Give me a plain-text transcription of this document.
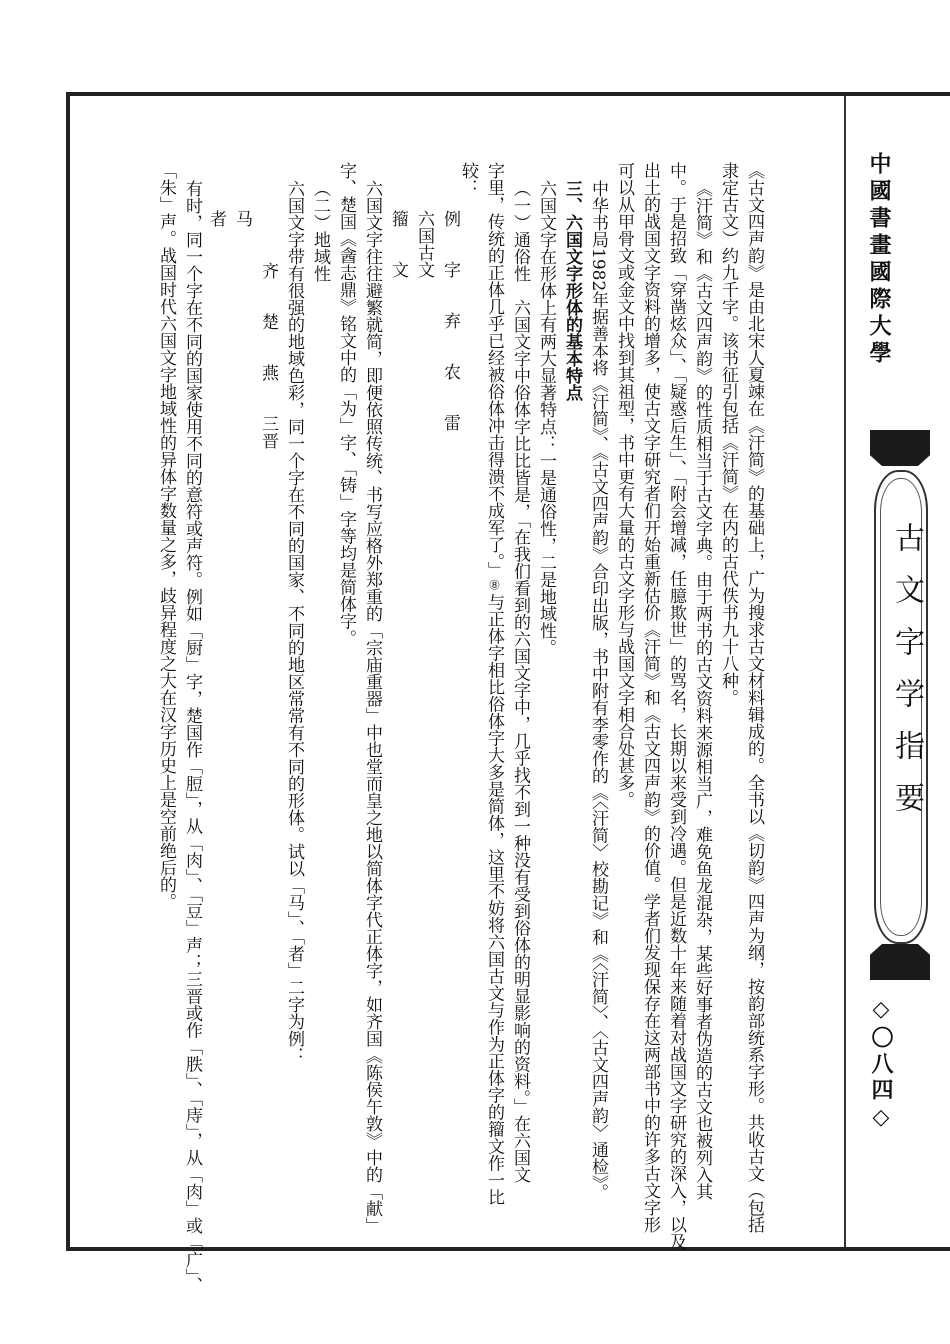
中國書畫國際大學
古文字学指要
◇〇八四◇
《古文四声韵》是由北宋人夏竦在《汗简》的基础上，广为搜求古文材料辑成的。全书以《切韵》四声为纲，按韵部统系字形。共收古文（包括
隶定古文）约九千字。该书征引包括《汗简》在内的古代佚书九十八种。
《汗简》和《古文四声韵》的性质相当于古文字典。由于两书的古文资料来源相当广，难免鱼龙混杂，某些好事者伪造的古文也被列入其
中。于是招致「穿凿炫众」、「疑惑后生」、「附会增减，任臆欺世」的骂名，长期以来受到冷遇。但是近数十年来随着对战国文字研究的深入，以及
出土的战国文字资料的增多，使古文字研究者们开始重新估价《汗简》和《古文四声韵》的价值。学者们发现保存在这两部书中的许多古文字形
可以从甲骨文或金文中找到其祖型，书中更有大量的古文字形与战国文字相合处甚多。
中华书局1982年据善本将《汗简》、《古文四声韵》合印出版，书中附有李零作的《〈汗简〉校勘记》和《〈汗简〉、〈古文四声韵〉通检》。
三、六国文字形体的基本特点
六国文字在形体上有两大显著特点：一是通俗性，二是地域性。
（一）通俗性　六国文字中俗体字比比皆是，「在我们看到的六国文字中，几乎找不到一种没有受到俗体的明显影响的资料。」在六国文
字里，传统的正体几乎已经被俗体冲击得溃不成军了。」⑧与正体字相比俗体字大多是简体，这里不妨将六国古文与作为正体字的籀文作一比
较：
例　　字　　弃　　农　　雷
六国古文
籀　　文
六国文字往往避繁就简，即便依照传统、书写应格外郑重的「宗庙重器」中也堂而皇之地以简体字代正体字，如齐国《陈侯午敦》中的「献」
字、楚国《酓志鼎》铭文中的「为」字、「铸」字等均是简体字。
（二）地域性
六国文字带有很强的地域色彩，同一个字在不同的国家、不同的地区常常有不同的形体。试以「马」、「者」二字为例：
齐　　楚　　燕　　三晋
马
者
有时，同一个字在不同的国家使用不同的意符或声符。例如「厨」字，楚国作「脰」，从「肉」、「豆」声；三晋或作「胅」、「庤」，从「肉」或「广」、
「朱」声。战国时代六国文字地域性的异体字数量之多，歧异程度之大在汉字历史上是空前绝后的。
